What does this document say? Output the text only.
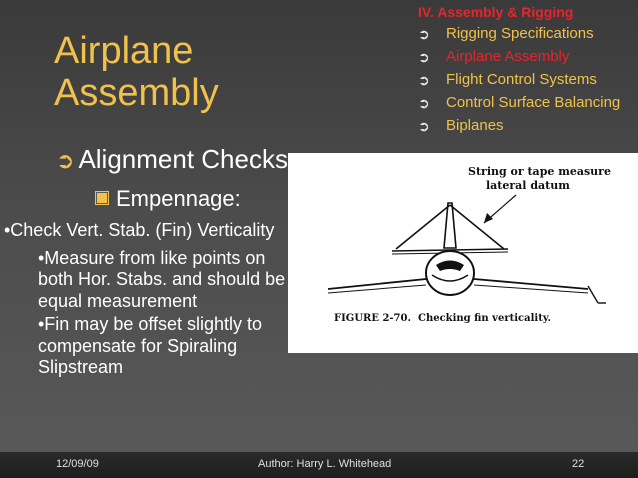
Airplane
Assembly
IV. Assembly & Rigging
➲ Rigging Specifications
➲ Airplane Assembly
➲ Flight Control Systems
➲ Control Surface Balancing
➲ Biplanes
➲ Alignment Checks	String or tape measure
lateral datum
FIGURE 2-70. Checking fin verticality.
Empennage:

•Check Vert. Stab. (Fin) Verticality

•Measure from like points on both Hor. Stabs. and should be equal measurement

•Fin may be offset slightly to compensate for Spiraling Slipstream

12/09/09	Author: Harry L. Whitehead	22
